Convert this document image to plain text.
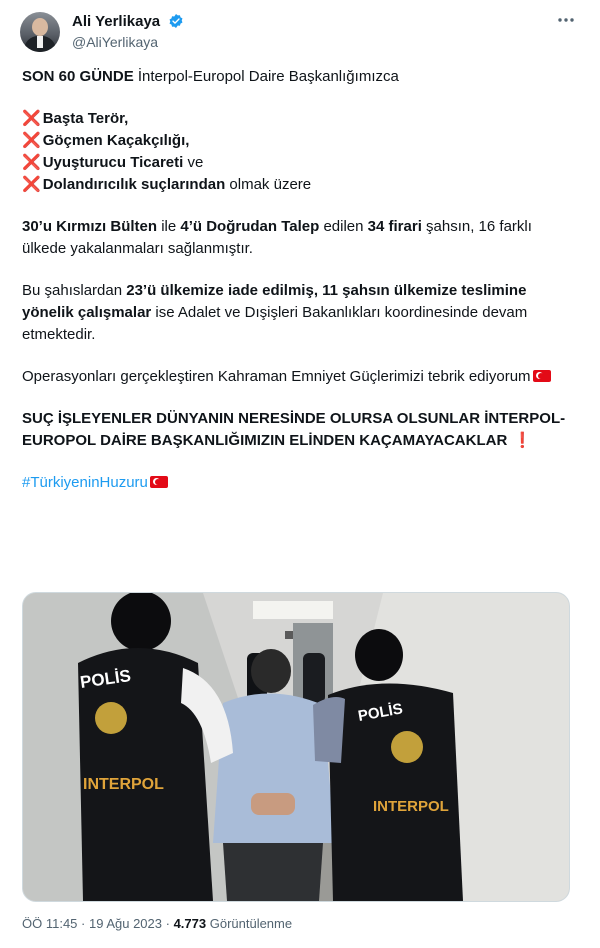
Ali Yerlikaya
@AliYerlikaya

SON 60 GÜNDE İnterpol-Europol Daire Başkanlığımızca

❌ Başta Terör,
❌ Göçmen Kaçakçılığı,
❌ Uyuşturucu Ticareti ve
❌ Dolandırıcılık suçlarından olmak üzere

30’u Kırmızı Bülten ile 4’ü Doğrudan Talep edilen 34 firari şahsın, 16 farklı ülkede yakalanmaları sağlanmıştır.

Bu şahıslardan 23’ü ülkemize iade edilmiş, 11 şahsın ülkemize teslimine yönelik çalışmalar ise Adalet ve Dışişleri Bakanlıkları koordinesinde devam etmektedir.

Operasyonları gerçekleştiren Kahraman Emniyet Güçlerimizi tebrik ediyorum

SUÇ İŞLEYENLER DÜNYANIN NERESİNDE OLURSA OLSUNLAR İNTERPOL-EUROPOL DAİRE BAŞKANLIĞIMIZIN ELİNDEN KAÇAMAYACAKLAR ❗

#TürkiyeninHuzuru

POLİS
INTERPOL
POLİS
INTERPOL
ÖÖ 11:45 · 19 Ağu 2023 · 4.773 Görüntülenme
